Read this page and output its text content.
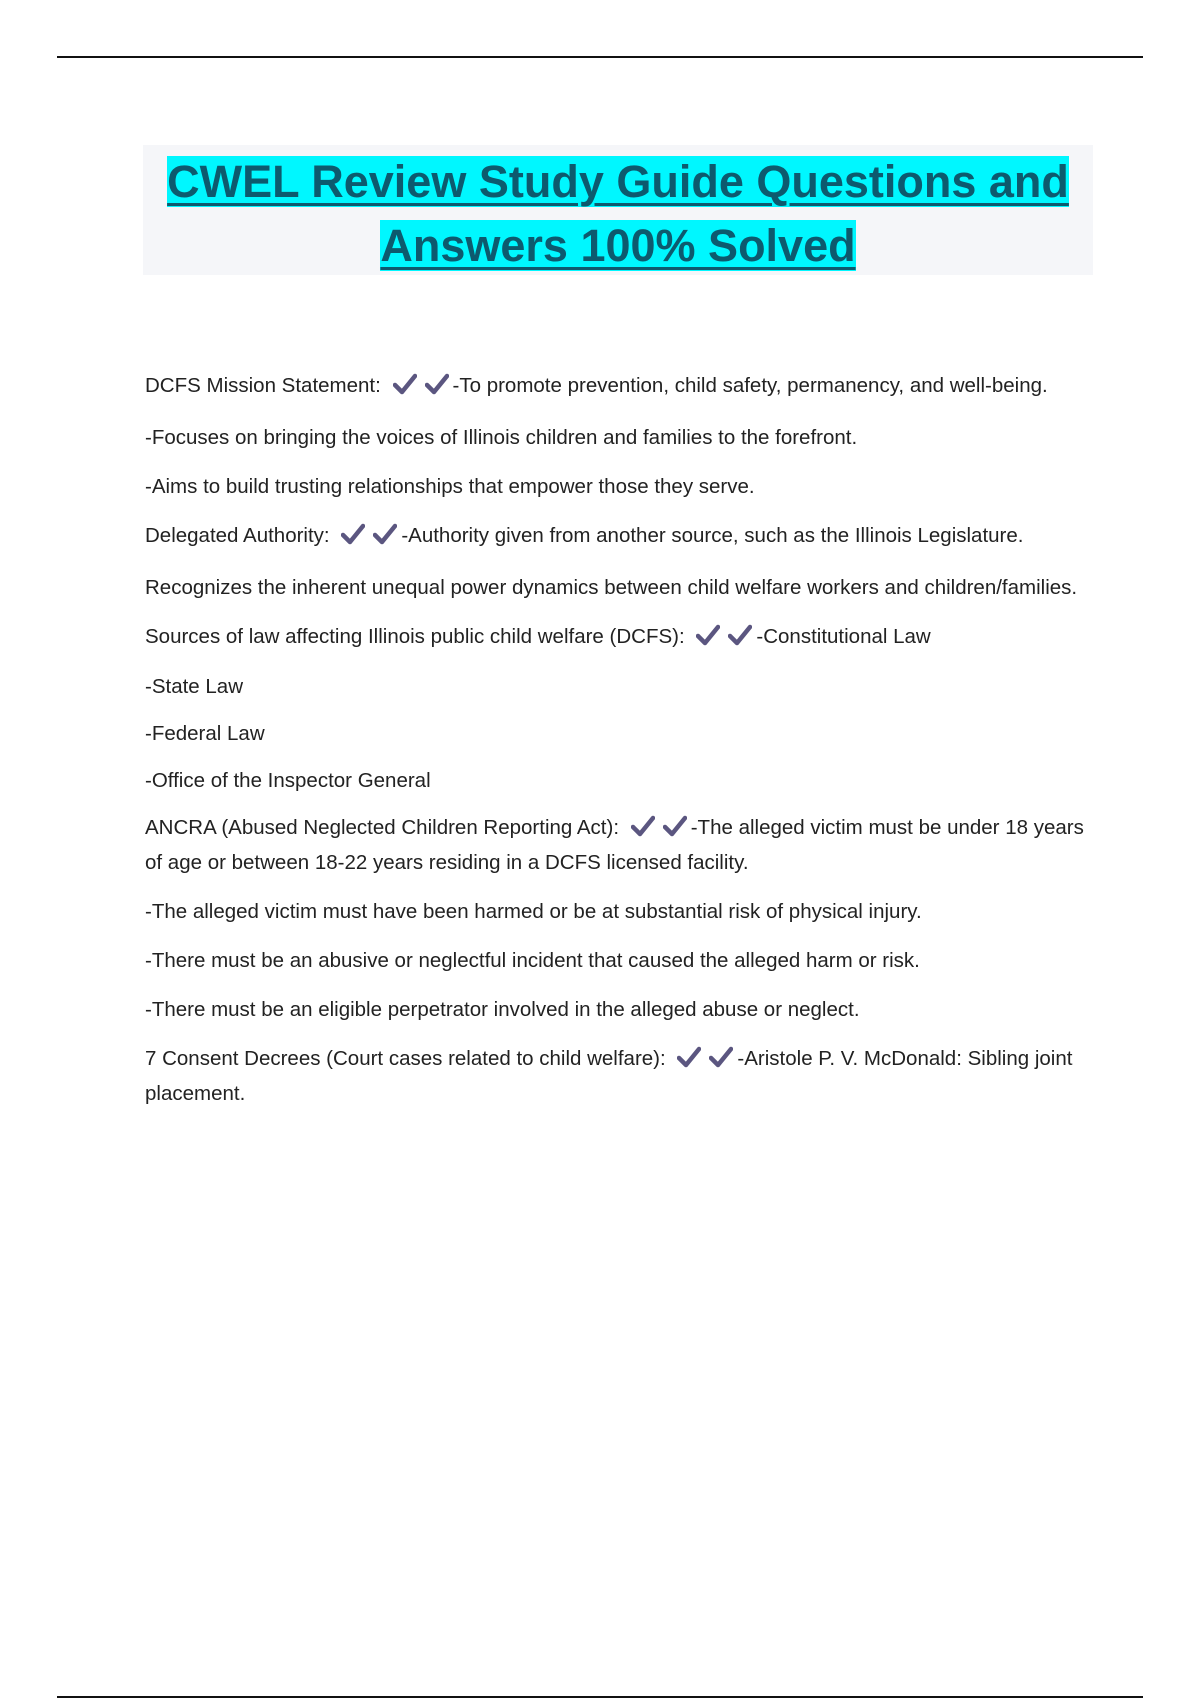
CWEL Review Study Guide Questions and
Answers 100% Solved

DCFS Mission Statement:	-To promote prevention, child safety, permanency, and well-being.

-Focuses on bringing the voices of Illinois children and families to the forefront.

-Aims to build trusting relationships that empower those they serve.

Delegated Authority:	-Authority given from another source, such as the Illinois Legislature.

Recognizes the inherent unequal power dynamics between child welfare workers and children/families.

Sources of law affecting Illinois public child welfare (DCFS):	-Constitutional Law

-State Law

-Federal Law

-Office of the Inspector General

ANCRA (Abused Neglected Children Reporting Act):	-The alleged victim must be under 18 years of age or between 18-22 years residing in a DCFS licensed facility.

-The alleged victim must have been harmed or be at substantial risk of physical injury.

-There must be an abusive or neglectful incident that caused the alleged harm or risk.

-There must be an eligible perpetrator involved in the alleged abuse or neglect.

7 Consent Decrees (Court cases related to child welfare):	-Aristole P. V. McDonald: Sibling joint placement.
